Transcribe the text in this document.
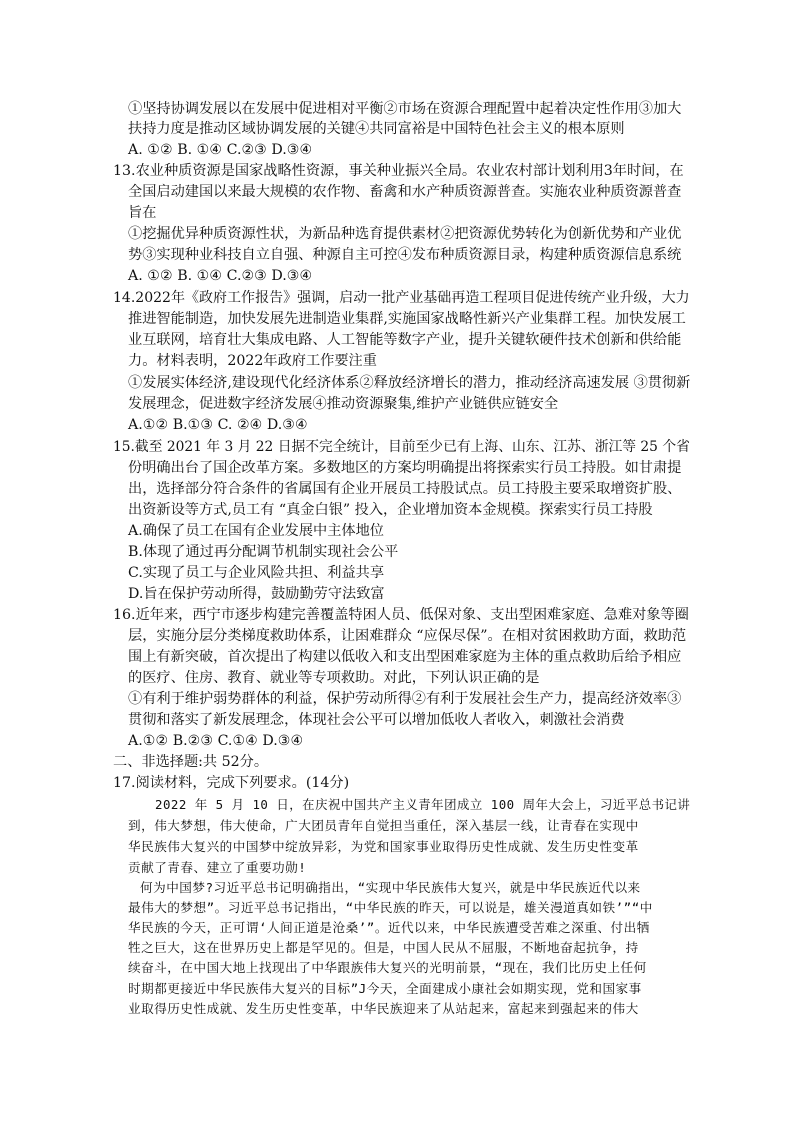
①坚持协调发展以在发展中促进相对平衡②市场在资源合理配置中起着决定性作用③加大
扶持力度是推动区域协调发展的关键④共同富裕是中国特色社会主义的根本原则
A. ①② B. ①④ C.②③ D.③④
13.农业种质资源是国家战略性资源，事关种业振兴全局。农业农村部计划利用3年时间，在
全国启动建国以来最大规模的农作物、畜禽和水产种质资源普查。实施农业种质资源普查
旨在
①挖掘优异种质资源性状，为新品种选育提供素材②把资源优势转化为创新优势和产业优
势③实现种业科技自立自强、种源自主可控④发布种质资源目录，构建种质资源信息系统
A. ①② B. ①④ C.②③ D.③④
14.2022年《政府工作报告》强调，启动一批产业基础再造工程项目促进传统产业升级，大力
推进智能制造，加快发展先进制造业集群,实施国家战略性新兴产业集群工程。加快发展工
业互联网，培育壮大集成电路、人工智能等数字产业，提升关键软硬件技术创新和供给能
力。材料表明，2022年政府工作要注重
①发展实体经济,建设现代化经济体系②释放经济增长的潜力，推动经济高速发展 ③贯彻新
发展理念，促进数字经济发展④推动资源聚集,维护产业链供应链安全
A.①② B.①③ C. ②④ D.③④
15.截至 2021 年 3 月 22 日据不完全统计，目前至少已有上海、山东、江苏、浙江等 25 个省
份明确出台了国企改革方案。多数地区的方案均明确提出将探索实行员工持股。如甘肃提
出，选择部分符合条件的省属国有企业开展员工持股试点。员工持股主要采取增资扩股、
出资新设等方式,员工有 “真金白银” 投入，企业增加资本金规模。探索实行员工持股
A.确保了员工在国有企业发展中主体地位
B.体现了通过再分配调节机制实现社会公平
C.实现了员工与企业风险共担、利益共享
D.旨在保护劳动所得，鼓励勤劳守法致富
16.近年来，西宁市逐步构建完善覆盖特困人员、低保对象、支出型困难家庭、急难对象等圈
层，实施分层分类梯度救助体系，让困难群众 “应保尽保”。在相对贫困救助方面，救助范
围上有新突破，首次提出了构建以低收入和支出型困难家庭为主体的重点救助后给予相应
的医疗、住房、教育、就业等专项救助。对此，下列认识正确的是
①有利于维护弱势群体的利益，保护劳动所得②有利于发展社会生产力，提高经济效率③
贯彻和落实了新发展理念，体现社会公平可以增加低收人者收入，刺激社会消费
A.①② B.②③ C.①④ D.③④
二、非选择题:共 52分。
17.阅读材料，完成下列要求。(14分)
2022 年 5 月 10 日，在庆祝中国共产主义青年团成立 100 周年大会上，习近平总书记讲
到，伟大梦想，伟大使命，广大团员青年自觉担当重任，深入基层一线，让青春在实现中
华民族伟大复兴的中国梦中绽放异彩，为党和国家事业取得历史性成就、发生历史性变革
贡献了青春、建立了重要功勋!
何为中国梦?习近平总书记明确指出，“实现中华民族伟大复兴，就是中华民族近代以来
最伟大的梦想”。习近平总书记指出，“中华民族的昨天，可以说是，雄关漫道真如铁’”“中
华民族的今天，正可谓‘人间正道是沧桑’”。近代以来，中华民族遭受苦难之深重、付出牺
牲之巨大，这在世界历史上都是罕见的。但是，中国人民从不屈服，不断地奋起抗争，持
续奋斗，在中国大地上找现出了中华跟族伟大复兴的光明前景，“现在，我们比历史上任何
时期都更接近中华民族伟大复兴的目标”J今天，全面建成小康社会如期实现，党和国家事
业取得历史性成就、发生历史性变革，中华民族迎来了从站起来，富起来到强起来的伟大
